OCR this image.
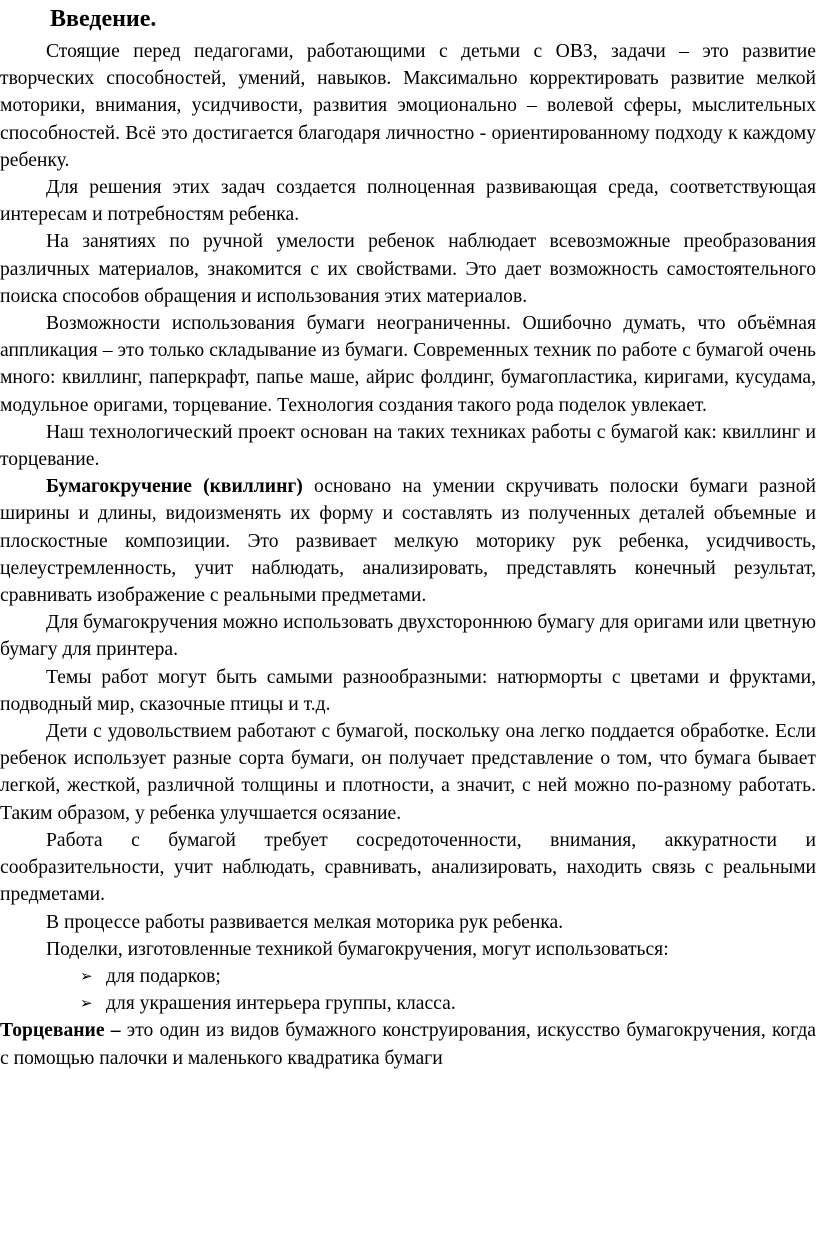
Введение.

Стоящие перед педагогами, работающими с детьми с ОВЗ, задачи – это развитие творческих способностей, умений, навыков. Максимально корректировать развитие мелкой моторики, внимания, усидчивости, развития эмоционально – волевой сферы, мыслительных способностей. Всё это достигается благодаря личностно - ориентированному подходу к каждому ребенку.

Для решения этих задач создается полноценная развивающая среда, соответствующая интересам и потребностям ребенка.

На занятиях по ручной умелости ребенок наблюдает всевозможные преобразования различных материалов, знакомится с их свойствами. Это дает возможность самостоятельного поиска способов обращения и использования этих материалов.

Возможности использования бумаги неограниченны. Ошибочно думать, что объёмная аппликация – это только складывание из бумаги. Современных техник по работе с бумагой очень много: квиллинг, паперкрафт, папье маше, айрис фолдинг, бумагопластика, киригами, кусудама, модульное оригами, торцевание. Технология создания такого рода поделок увлекает.

Наш технологический проект основан на таких техниках работы с бумагой как: квиллинг и торцевание.

Бумагокручение (квиллинг) основано на умении скручивать полоски бумаги разной ширины и длины, видоизменять их форму и составлять из полученных деталей объемные и плоскостные композиции. Это развивает мелкую моторику рук ребенка, усидчивость, целеустремленность, учит наблюдать, анализировать, представлять конечный результат, сравнивать изображение с реальными предметами.

Для бумагокручения можно использовать двухстороннюю бумагу для оригами или цветную бумагу для принтера.

Темы работ могут быть самыми разнообразными: натюрморты с цветами и фруктами, подводный мир, сказочные птицы и т.д.

Дети с удовольствием работают с бумагой, поскольку она легко поддается обработке. Если ребенок использует разные сорта бумаги, он получает представление о том, что бумага бывает легкой, жесткой, различной толщины и плотности, а значит, с ней можно по-разному работать. Таким образом, у ребенка улучшается осязание.

Работа с бумагой требует сосредоточенности, внимания, аккуратности и сообразительности, учит наблюдать, сравнивать, анализировать, находить связь с реальными предметами.

В процессе работы развивается мелкая моторика рук ребенка.

Поделки, изготовленные техникой бумагокручения, могут использоваться:

➢ для подарков;
➢ для украшения интерьера группы, класса.

Торцевание – это один из видов бумажного конструирования, искусство бумагокручения, когда с помощью палочки и маленького квадратика бумаги
